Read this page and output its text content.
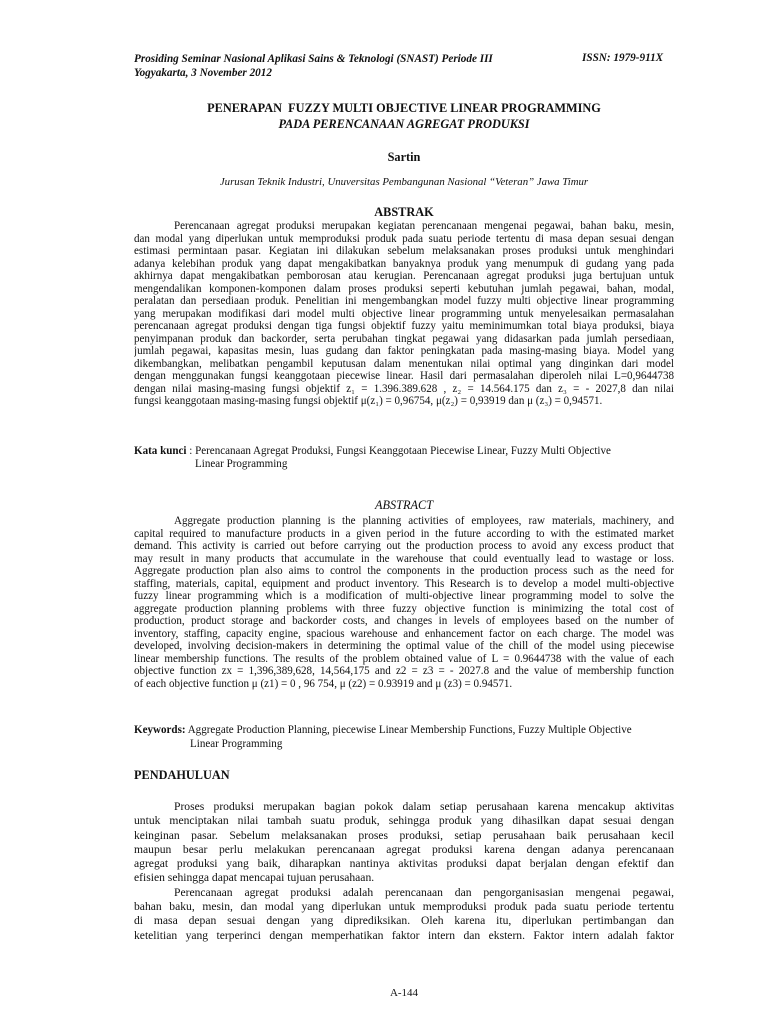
Prosiding Seminar Nasional Aplikasi Sains & Teknologi (SNAST) Periode III
Yogyakarta, 3 November 2012
ISSN: 1979-911X
PENERAPAN  FUZZY MULTI OBJECTIVE LINEAR PROGRAMMING
PADA PERENCANAAN AGREGAT PRODUKSI
Sartin
Jurusan Teknik Industri, Unuversitas Pembangunan Nasional “Veteran” Jawa Timur
ABSTRAK
Perencanaan agregat produksi merupakan kegiatan perencanaan mengenai pegawai, bahan baku, mesin,
dan modal yang diperlukan untuk memproduksi produk pada suatu periode tertentu di masa depan sesuai dengan
estimasi permintaan pasar. Kegiatan ini dilakukan sebelum melaksanakan proses produksi untuk menghindari
adanya kelebihan produk yang dapat mengakibatkan banyaknya produk yang menumpuk di gudang yang pada
akhirnya dapat mengakibatkan pemborosan atau kerugian. Perencanaan agregat produksi juga bertujuan untuk
mengendalikan komponen-komponen dalam proses produksi seperti kebutuhan jumlah pegawai, bahan, modal,
peralatan dan persediaan produk. Penelitian ini mengembangkan model fuzzy multi objective linear programming
yang merupakan modifikasi dari model multi objective linear programming untuk menyelesaikan permasalahan
perencanaan agregat produksi dengan tiga fungsi objektif fuzzy yaitu meminimumkan total biaya produksi, biaya
penyimpanan produk dan backorder, serta perubahan tingkat pegawai yang didasarkan pada jumlah persediaan,
jumlah pegawai, kapasitas mesin, luas gudang dan faktor peningkatan pada masing-masing biaya. Model yang
dikembangkan, melibatkan pengambil keputusan dalam menentukan nilai optimal yang dinginkan dari model
dengan menggunakan fungsi keanggotaan piecewise linear. Hasil dari permasalahan diperoleh nilai L=0,9644738
dengan nilai masing-masing fungsi objektif z₁ = 1.396.389.628 , z₂ = 14.564.175 dan z₃ = - 2027,8 dan nilai
fungsi keanggotaan masing-masing fungsi objektif μ(z₁) = 0,96754, μ(z₂) = 0,93919 dan μ (z₃) = 0,94571.
Kata kunci : Perencanaan Agregat Produksi, Fungsi Keanggotaan Piecewise Linear, Fuzzy Multi Objective
Linear Programming
ABSTRACT
Aggregate production planning is the planning activities of employees, raw materials, machinery, and
capital required to manufacture products in a given period in the future according to with the estimated market
demand. This activity is carried out before carrying out the production process to avoid any excess product that
may result in many products that accumulate in the warehouse that could eventually lead to wastage or loss.
Aggregate production plan also aims to control the components in the production process such as the need for
staffing, materials, capital, equipment and product inventory. This Research is to develop a model multi-objective
fuzzy linear programming which is a modification of multi-objective linear programming model to solve the
aggregate production planning problems with three fuzzy objective function is minimizing the total cost of
production, product storage and backorder costs, and changes in levels of employees based on the number of
inventory, staffing, capacity engine, spacious warehouse and enhancement factor on each charge. The model was
developed, involving decision-makers in determining the optimal value of the chill of the model using piecewise
linear membership functions. The results of the problem obtained value of L = 0.9644738 with the value of each
objective function zx = 1,396,389,628, 14,564,175 and z2 = z3 = - 2027.8 and the value of membership function
of each objective function μ (z1) = 0 , 96 754, μ (z2) = 0.93919 and μ (z3) = 0.94571.
Keywords: Aggregate Production Planning, piecewise Linear Membership Functions, Fuzzy Multiple Objective
Linear Programming
PENDAHULUAN
Proses produksi merupakan bagian pokok dalam setiap perusahaan karena mencakup aktivitas
untuk menciptakan nilai tambah suatu produk, sehingga produk yang dihasilkan dapat sesuai dengan
keinginan pasar. Sebelum melaksanakan proses produksi, setiap perusahaan baik perusahaan kecil
maupun besar perlu melakukan perencanaan agregat produksi karena dengan adanya perencanaan
agregat produksi yang baik, diharapkan nantinya aktivitas produksi dapat berjalan dengan efektif dan
efisien sehingga dapat mencapai tujuan perusahaan.
Perencanaan agregat produksi adalah perencanaan dan pengorganisasian mengenai pegawai,
bahan baku, mesin, dan modal yang diperlukan untuk memproduksi produk pada suatu periode tertentu
di masa depan sesuai dengan yang diprediksikan. Oleh karena itu, diperlukan pertimbangan dan
ketelitian yang terperinci dengan memperhatikan faktor intern dan ekstern. Faktor intern adalah faktor
A-144
